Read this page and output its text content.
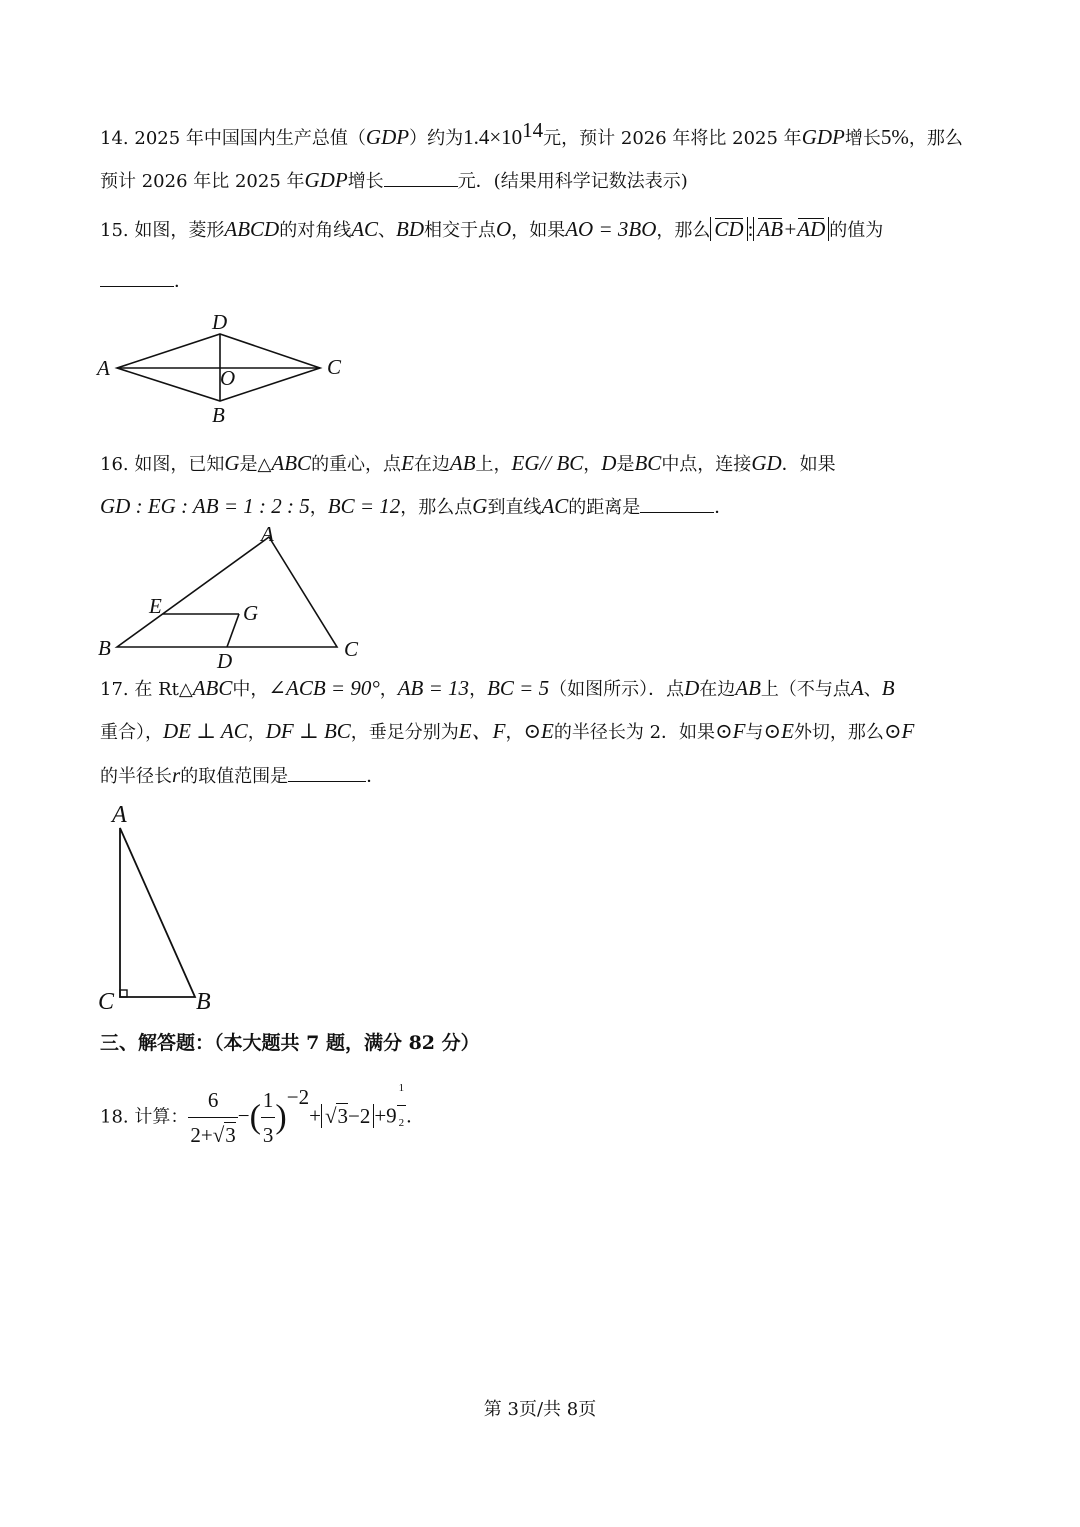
14. 2025 年中国国内生产总值（GDP）约为$1.4\times 10^{14}$元，预计 2026 年将比 2025 年GDP增长5%，那么
预计 2026 年比 2025 年GDP增长	元．(结果用科学记数法表示)
15. 如图，菱形ABCD的对角线AC、BD相交于点O，如果AO = 3BO，那么 CD : AB+AD 的值为
．
A
D
C
O
B
16. 如图，已知G是△ABC的重心，点E在边AB上，EG// BC，D是BC中点，连接GD．如果
GD : EG : AB = 1 : 2 : 5，BC = 12，那么点G到直线AC的距离是	．
A
E	G
B
D	C
17. 在 Rt△ABC中，∠ACB = 90°，AB = 13，BC = 5（如图所示）．点D在边AB上（不与点A、B
重合），DE ⊥ AC，DF ⊥ BC，垂足分别为E、F，⊙E的半径长为 2．如果⊙F与⊙E外切，那么⊙F
的半径长r的取值范围是	．
A
C	B
三、解答题：（本大题共 7 题，满分 82 分）
18. 计算： $\frac{6}{2+√3}$ −( $\frac{1}{3} )^{-2}+ √3-2 +9 \frac{1}{2}$ ．
第 3页/共 8页
